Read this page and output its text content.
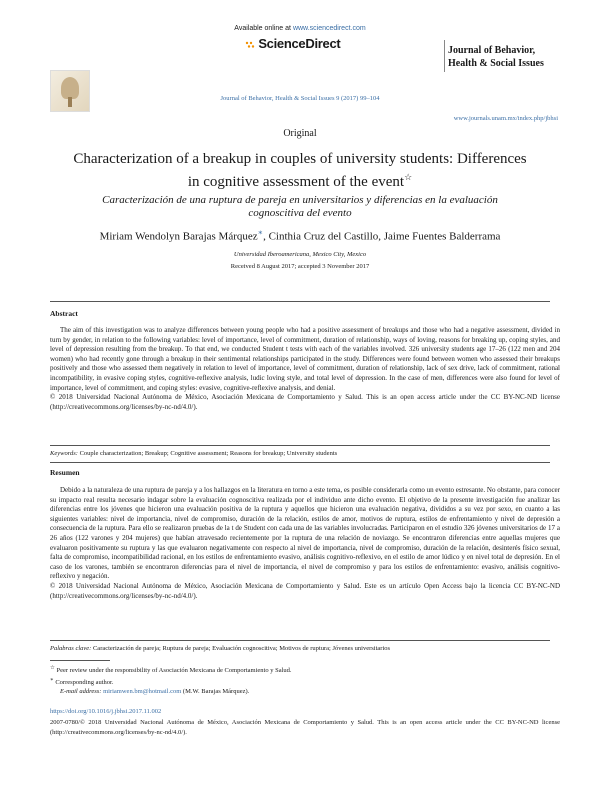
Available online at www.sciencedirect.com
ScienceDirect	Journal of Behavior,
Health & Social Issues
Journal of Behavior, Health & Social Issues 9 (2017) 99–104
www.journals.unam.mx/index.php/jbhsi
Original
Characterization of a breakup in couples of university students: Differences
in cognitive assessment of the event☆
Caracterización de una ruptura de pareja en universitarios y diferencias en la evaluación
cognoscitiva del evento
Miriam Wendolyn Barajas Márquez∗, Cinthia Cruz del Castillo, Jaime Fuentes Balderrama
Universidad Iberoamericana, Mexico City, Mexico
Received 8 August 2017; accepted 3 November 2017
Abstract

The aim of this investigation was to analyze differences between young people who had a positive assessment of breakups and those who had a negative assessment, divided in turn by gender, in relation to the following variables: level of importance, level of commitment, duration of relationship, ways of loving, reasons for breaking up, coping styles, and level of depression resulting from the breakup. To that end, we conducted Student t tests with each of the variables involved. 326 university students age 17–26 (122 men and 204 women) who had recently gone through a breakup in their sentimental relationships participated in the study. Differences were found between women who assessed their breakups positively and those who assessed them negatively in relation to level of importance, level of commitment, duration of relationship, lack of sex drive, lack of commitment, rational incompatibility, in evasive coping styles, cognitive-reflexive analysis, ludic loving style, and total level of depression. In the case of men, differences were also found for level of importance, level of commitment, and coping styles: evasive, cognitive-reflexive analysis, and denial.

© 2018 Universidad Nacional Autónoma de México, Asociación Mexicana de Comportamiento y Salud. This is an open access article under the CC BY-NC-ND license (http://creativecommons.org/licenses/by-nc-nd/4.0/).

Keywords: Couple characterization; Breakup; Cognitive assessment; Reasons for breakup; University students
Resumen

Debido a la naturaleza de una ruptura de pareja y a los hallazgos en la literatura en torno a este tema, es posible considerarla como un evento estresante. No obstante, para conocer su impacto real resulta necesario indagar sobre la evaluación cognoscitiva realizada por el individuo ante dicho evento. El objetivo de la presente investigación fue analizar las diferencias entre los jóvenes que hicieron una evaluación positiva de la ruptura y aquellos que hicieron una evaluación negativa, divididos a su vez por sexo, en cuanto a las siguientes variables: nivel de importancia, nivel de compromiso, duración de la relación, estilos de amor, motivos de ruptura, estilos de enfrentamiento y nivel de depresión a consecuencia de la ruptura. Para ello se realizaron pruebas de la t de Student con cada una de las variables involucradas. Participaron en el estudio 326 jóvenes universitarios de 17 a 26 años (122 varones y 204 mujeres) que habían atravesado recientemente por la ruptura de una relación de noviazgo. Se encontraron diferencias entre aquellas mujeres que evaluaron positivamente su ruptura y las que evaluaron negativamente con respecto al nivel de importancia, nivel de compromiso, duración de la relación, desinterés físico sexual, falta de compromiso, incompatibilidad racional, en los estilos de enfrentamiento evasivo, análisis cognitivo-reflexivo, en el estilo de amor lúdico y en nivel total de depresión. En el caso de los varones, también se encontraron diferencias para el nivel de importancia, el nivel de compromiso y para los estilos de enfrentamiento: evasivo, análisis cognitivo-reflexivo y negación.

© 2018 Universidad Nacional Autónoma de México, Asociación Mexicana de Comportamiento y Salud. Este es un artículo Open Access bajo la licencia CC BY-NC-ND (http://creativecommons.org/licenses/by-nc-nd/4.0/).

Palabras clave: Caracterización de pareja; Ruptura de pareja; Evaluación cognoscitiva; Motivos de ruptura; Jóvenes universitarios
☆ Peer review under the responsibility of Asociación Mexicana de Comportamiento y Salud.
∗ Corresponding author.
E-mail address: miriamwen.bm@hotmail.com (M.W. Barajas Márquez).
https://doi.org/10.1016/j.jbhsi.2017.11.002
2007-0780/© 2018 Universidad Nacional Autónoma de México, Asociación Mexicana de Comportamiento y Salud. This is an open access article under the CC BY-NC-ND license (http://creativecommons.org/licenses/by-nc-nd/4.0/).
